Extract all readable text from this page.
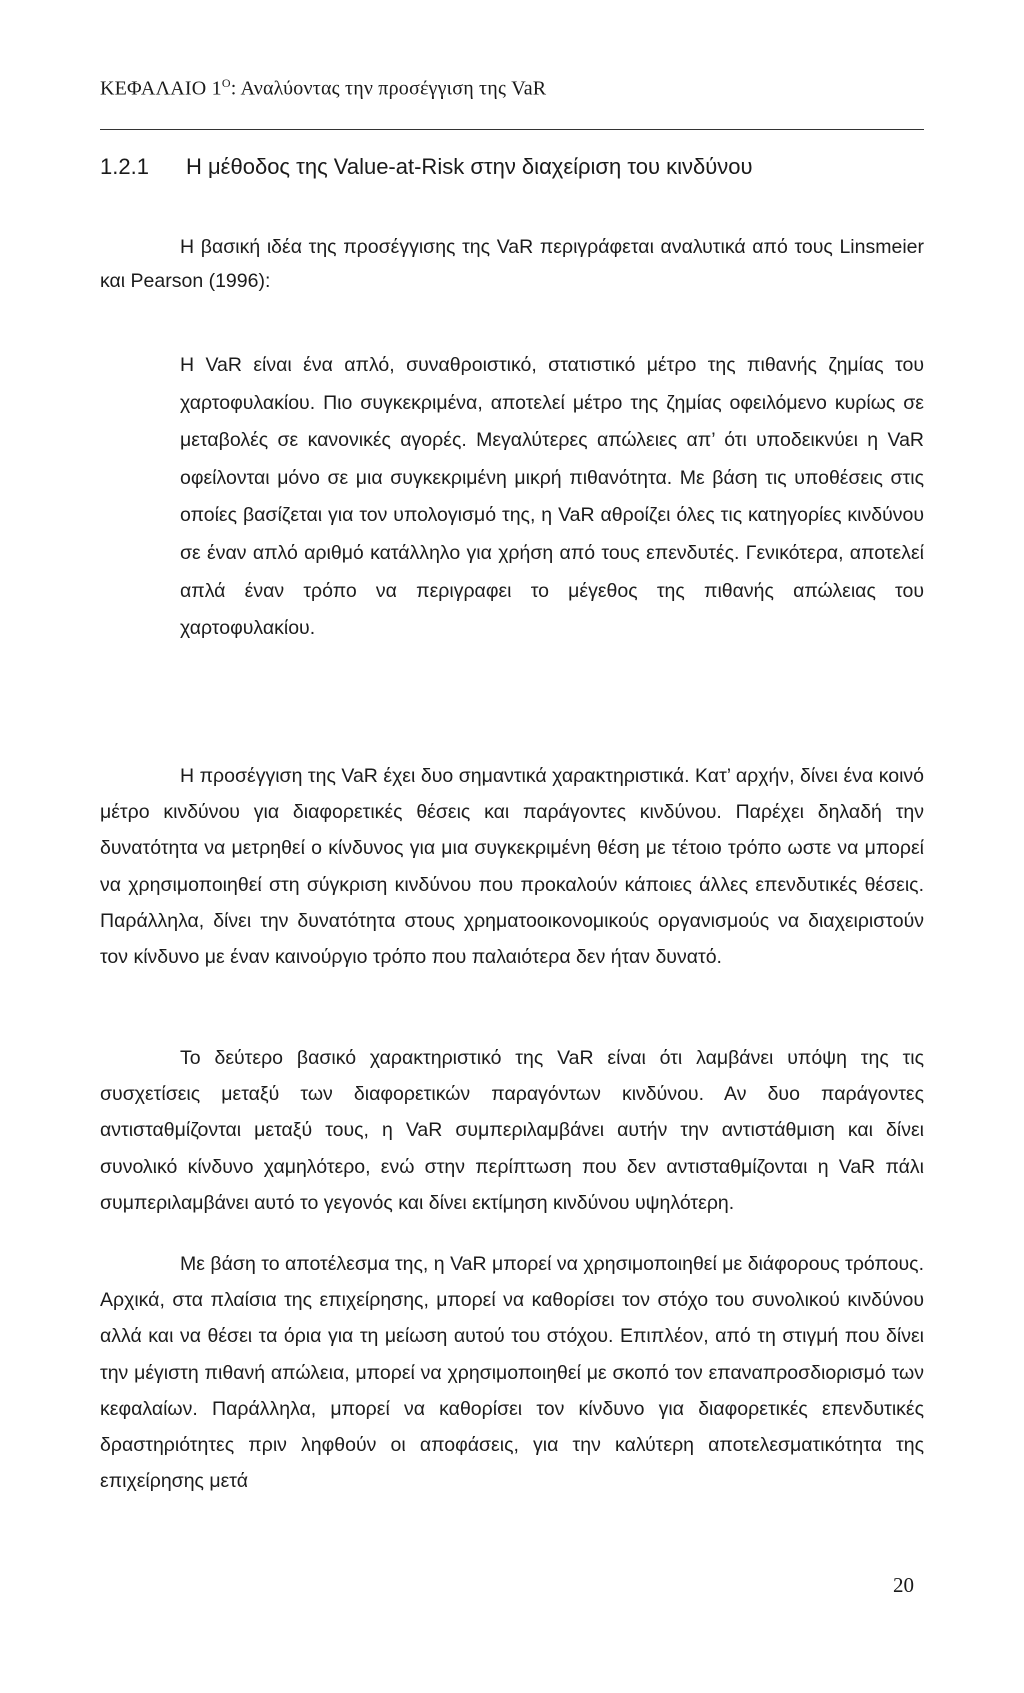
ΚΕΦΑΛΑΙΟ $1^O$: Αναλύοντας την προσέγγιση της VaR
1.2.1	Η μέθοδος της Value-at-Risk στην διαχείριση του κινδύνου

Η βασική ιδέα της προσέγγισης της VaR περιγράφεται αναλυτικά από τους Linsmeier και Pearson (1996):

Η VaR είναι ένα απλό, συναθροιστικό, στατιστικό μέτρο της πιθανής ζημίας του χαρτοφυλακίου. Πιο συγκεκριμένα, αποτελεί μέτρο της ζημίας οφειλόμενο κυρίως σε μεταβολές σε κανονικές αγορές. Μεγαλύτερες απώλειες απ’ ότι υποδεικνύει η VaR οφείλονται μόνο σε μια συγκεκριμένη μικρή πιθανότητα. Με βάση τις υποθέσεις στις οποίες βασίζεται για τον υπολογισμό της, η VaR αθροίζει όλες τις κατηγορίες κινδύνου σε έναν απλό αριθμό κατάλληλο για χρήση από τους επενδυτές. Γενικότερα, αποτελεί απλά έναν τρόπο να περιγραφει το μέγεθος της πιθανής απώλειας του χαρτοφυλακίου.

Η προσέγγιση της VaR έχει δυο σημαντικά χαρακτηριστικά. Κατ’ αρχήν, δίνει ένα κοινό μέτρο κινδύνου για διαφορετικές θέσεις και παράγοντες κινδύνου. Παρέχει δηλαδή την δυνατότητα να μετρηθεί ο κίνδυνος για μια συγκεκριμένη θέση με τέτοιο τρόπο ωστε να μπορεί να χρησιμοποιηθεί στη σύγκριση κινδύνου που προκαλούν κάποιες άλλες επενδυτικές θέσεις. Παράλληλα, δίνει την δυνατότητα στους χρηματοοικονομικούς οργανισμούς να διαχειριστούν τον κίνδυνο με έναν καινούργιο τρόπο που παλαιότερα δεν ήταν δυνατό.

Το δεύτερο βασικό χαρακτηριστικό της VaR είναι ότι λαμβάνει υπόψη της τις συσχετίσεις μεταξύ των διαφορετικών παραγόντων κινδύνου. Αν δυο παράγοντες αντισταθμίζονται μεταξύ τους, η VaR συμπεριλαμβάνει αυτήν την αντιστάθμιση και δίνει συνολικό κίνδυνο χαμηλότερο, ενώ στην περίπτωση που δεν αντισταθμίζονται η VaR πάλι συμπεριλαμβάνει αυτό το γεγονός και δίνει εκτίμηση κινδύνου υψηλότερη.

Με βάση το αποτέλεσμα της, η VaR μπορεί να χρησιμοποιηθεί με διάφορους τρόπους. Αρχικά, στα πλαίσια της επιχείρησης, μπορεί να καθορίσει τον στόχο του συνολικού κινδύνου αλλά και να θέσει τα όρια για τη μείωση αυτού του στόχου. Επιπλέον, από τη στιγμή που δίνει την μέγιστη πιθανή απώλεια, μπορεί να χρησιμοποιηθεί με σκοπό τον επαναπροσδιορισμό των κεφαλαίων. Παράλληλα, μπορεί να καθορίσει τον κίνδυνο για διαφορετικές επενδυτικές δραστηριότητες πριν ληφθούν οι αποφάσεις, για την καλύτερη αποτελεσματικότητα της επιχείρησης μετά

20
